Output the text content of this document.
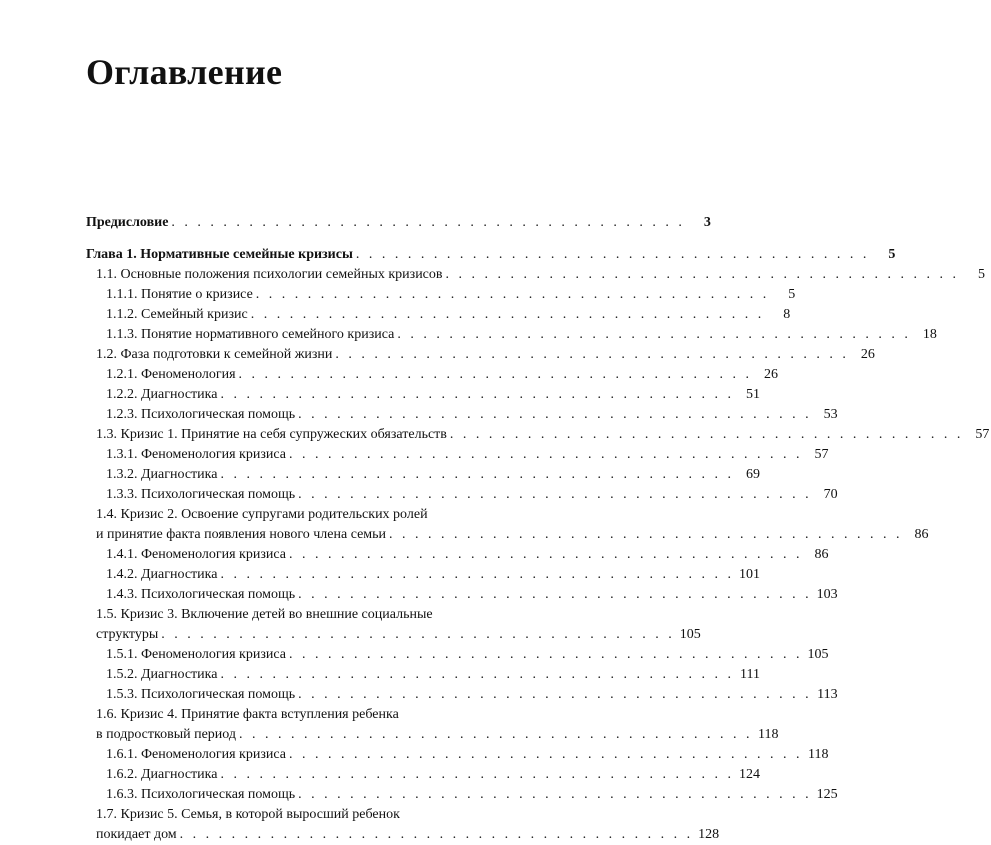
Оглавление
Предисловие . . . . . . . . . . . . . . . . . . . . . . . . . . . . . . . . . . . . . . . .	3
Глава 1. Нормативные семейные кризисы . . . . . . . . . . . . . . . . . . . . . . . . . . . . . . . . . . . . . . . .	5
1.1. Основные положения психологии семейных кризисов . . . . . . . . . . . . . . . . . . . . . . . . . . . . . . . . . . . . . . . .	5
1.1.1. Понятие о кризисе . . . . . . . . . . . . . . . . . . . . . . . . . . . . . . . . . . . . . . . .	5
1.1.2. Семейный кризис . . . . . . . . . . . . . . . . . . . . . . . . . . . . . . . . . . . . . . . .	8
1.1.3. Понятие нормативного семейного кризиса . . . . . . . . . . . . . . . . . . . . . . . . . . . . . . . . . . . . . . . . 18
1.2. Фаза подготовки к семейной жизни . . . . . . . . . . . . . . . . . . . . . . . . . . . . . . . . . . . . . . . . 26
1.2.1. Феноменология . . . . . . . . . . . . . . . . . . . . . . . . . . . . . . . . . . . . . . . . 26
1.2.2. Диагностика . . . . . . . . . . . . . . . . . . . . . . . . . . . . . . . . . . . . . . . . 51
1.2.3. Психологическая помощь . . . . . . . . . . . . . . . . . . . . . . . . . . . . . . . . . . . . . . . . 53
1.3. Кризис 1. Принятие на себя супружеских обязательств . . . . . . . . . . . . . . . . . . . . . . . . . . . . . . . . . . . . . . . . 57
1.3.1. Феноменология кризиса . . . . . . . . . . . . . . . . . . . . . . . . . . . . . . . . . . . . . . . . 57
1.3.2. Диагностика . . . . . . . . . . . . . . . . . . . . . . . . . . . . . . . . . . . . . . . . 69
1.3.3. Психологическая помощь . . . . . . . . . . . . . . . . . . . . . . . . . . . . . . . . . . . . . . . . 70
1.4. Кризис 2. Освоение супругами родительских ролей
и принятие факта появления нового члена семьи . . . . . . . . . . . . . . . . . . . . . . . . . . . . . . . . . . . . . . . . 86
1.4.1. Феноменология кризиса . . . . . . . . . . . . . . . . . . . . . . . . . . . . . . . . . . . . . . . . 86
1.4.2. Диагностика . . . . . . . . . . . . . . . . . . . . . . . . . . . . . . . . . . . . . . . . 101
1.4.3. Психологическая помощь . . . . . . . . . . . . . . . . . . . . . . . . . . . . . . . . . . . . . . . . 103
1.5. Кризис 3. Включение детей во внешние социальные
структуры . . . . . . . . . . . . . . . . . . . . . . . . . . . . . . . . . . . . . . . . 105
1.5.1. Феноменология кризиса . . . . . . . . . . . . . . . . . . . . . . . . . . . . . . . . . . . . . . . . 105
1.5.2. Диагностика . . . . . . . . . . . . . . . . . . . . . . . . . . . . . . . . . . . . . . . . 111
1.5.3. Психологическая помощь . . . . . . . . . . . . . . . . . . . . . . . . . . . . . . . . . . . . . . . . 113
1.6. Кризис 4. Принятие факта вступления ребенка
в подростковый период . . . . . . . . . . . . . . . . . . . . . . . . . . . . . . . . . . . . . . . . 118
1.6.1. Феноменология кризиса . . . . . . . . . . . . . . . . . . . . . . . . . . . . . . . . . . . . . . . . 118
1.6.2. Диагностика . . . . . . . . . . . . . . . . . . . . . . . . . . . . . . . . . . . . . . . . 124
1.6.3. Психологическая помощь . . . . . . . . . . . . . . . . . . . . . . . . . . . . . . . . . . . . . . . . 125
1.7. Кризис 5. Семья, в которой выросший ребенок
покидает дом . . . . . . . . . . . . . . . . . . . . . . . . . . . . . . . . . . . . . . . . 128
